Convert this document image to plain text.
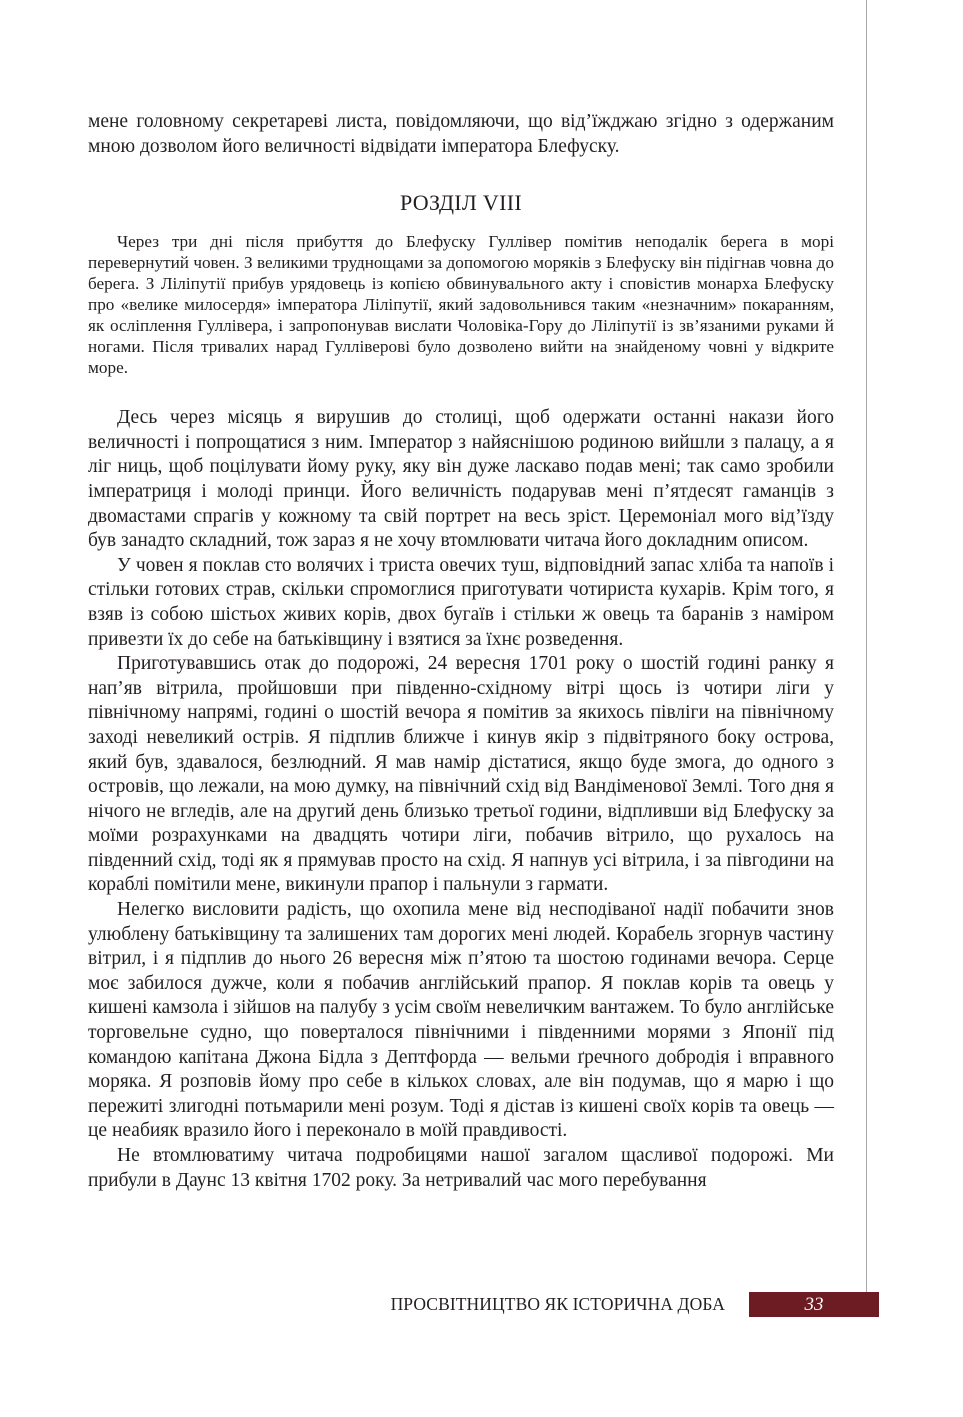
мене головному секретареві листа, повідомляючи, що від’їжджаю згідно з одержаним мною дозволом його величності відвідати імператора Блефуску.

РОЗДІЛ VIII

Через три дні після прибуття до Блефуску Гуллівер помітив неподалік берега в морі перевернутий човен. З великими труднощами за допомогою моряків з Блефуску він підігнав човна до берега. З Ліліпутії прибув урядовець із копією обвинувального акту і сповістив монарха Блефуску про «велике милосердя» імператора Ліліпутії, який задовольнився таким «незначним» покаранням, як осліплення Гуллівера, і запропонував вислати Чоловіка-Гору до Ліліпутії із зв’язаними руками й ногами. Після тривалих нарад Гулліверові було дозволено вийти на знайденому човні у відкрите море.

Десь через місяць я вирушив до столиці, щоб одержати останні накази його величності і попрощатися з ним. Імператор з найяснішою родиною вийшли з палацу, а я ліг ниць, щоб поцілувати йому руку, яку він дуже ласкаво подав мені; так само зробили імператриця і молоді принци. Його величність подарував мені п’ятдесят гаманців з двомастами спрагів у кожному та свій портрет на весь зріст. Церемоніал мого від’їзду був занадто складний, тож зараз я не хочу втомлювати читача його докладним описом.

У човен я поклав сто волячих і триста овечих туш, відповідний запас хліба та напоїв і стільки готових страв, скільки спромоглися приготувати чотириста кухарів. Крім того, я взяв із собою шістьох живих корів, двох бугаїв і стільки ж овець та баранів з наміром привезти їх до себе на батьківщину і взятися за їхнє розведення.

Приготувавшись отак до подорожі, 24 вересня 1701 року о шостій годині ранку я нап’яв вітрила, пройшовши при південно-східному вітрі щось із чотири ліги у північному напрямі, годині о шостій вечора я помітив за якихось півліги на північному заході невеликий острів. Я підплив ближче і кинув якір з підвітряного боку острова, який був, здавалося, безлюдний. Я мав намір дістатися, якщо буде змога, до одного з островів, що лежали, на мою думку, на північний схід від Вандіменової Землі. Того дня я нічого не вгледів, але на другий день близько третьої години, відпливши від Блефуску за моїми розрахунками на двадцять чотири ліги, побачив вітрило, що рухалось на південний схід, тоді як я прямував просто на схід. Я напнув усі вітрила, і за півгодини на кораблі помітили мене, викинули прапор і пальнули з гармати.

Нелегко висловити радість, що охопила мене від несподіваної надії побачити знов улюблену батьківщину та залишених там дорогих мені людей. Корабель згорнув частину вітрил, і я підплив до нього 26 вересня між п’ятою та шостою годинами вечора. Серце моє забилося дужче, коли я побачив англійський прапор. Я поклав корів та овець у кишені камзола і зійшов на палубу з усім своїм невеличким вантажем. То було англійське торговельне судно, що поверталося північними і південними морями з Японії під командою капітана Джона Бідла з Дептфорда — вельми ґречного добродія і вправного моряка. Я розповів йому про себе в кількох словах, але він подумав, що я марю і що пережиті злигодні потьмарили мені розум. Тоді я дістав із кишені своїх корів та овець — це неабияк вразило його і переконало в моїй правдивості.

Не втомлюватиму читача подробицями нашої загалом щасливої подорожі. Ми прибули в Даунс 13 квітня 1702 року. За нетривалий час мого перебування

ПРОСВІТНИЦТВО ЯК ІСТОРИЧНА ДОБА	33
